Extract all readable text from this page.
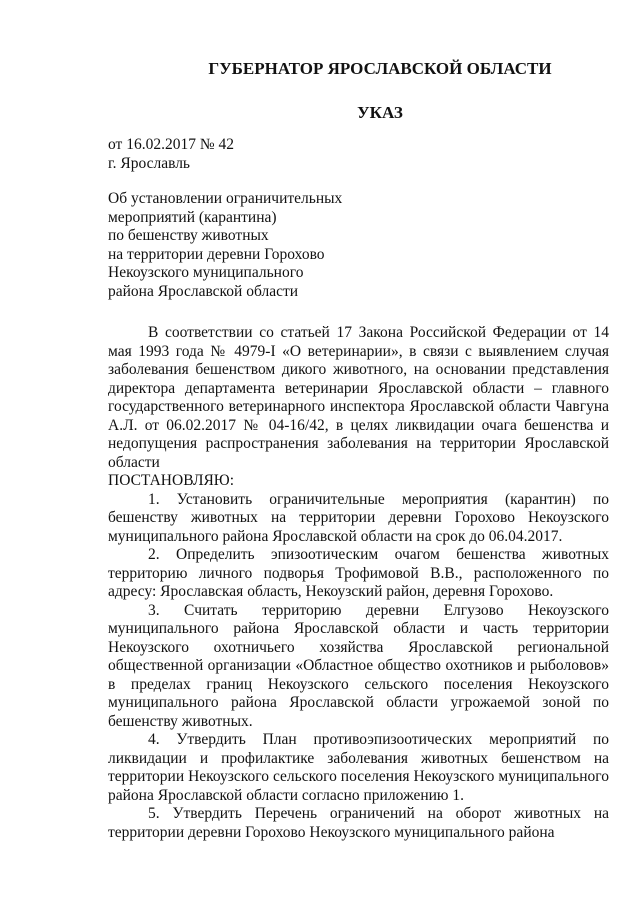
ГУБЕРНАТОР ЯРОСЛАВСКОЙ ОБЛАСТИ
УКАЗ
от 16.02.2017 № 42
г. Ярославль
Об установлении ограничительных
мероприятий (карантина)
по бешенству животных
на территории деревни Горохово
Некоузского муниципального
района Ярославской области

В соответствии со статьей 17 Закона Российской Федерации от 14 мая 1993 года № 4979-I «О ветеринарии», в связи с выявлением случая заболевания бешенством дикого животного, на основании представления директора департамента ветеринарии Ярославской области – главного государственного ветеринарного инспектора Ярославской области Чавгуна А.Л. от 06.02.2017 № 04-16/42, в целях ликвидации очага бешенства и недопущения распространения заболевания на территории Ярославской области

ПОСТАНОВЛЯЮ:

1. Установить ограничительные мероприятия (карантин) по бешенству животных на территории деревни Горохово Некоузского муниципального района Ярославской области на срок до 06.04.2017.

2. Определить эпизоотическим очагом бешенства животных территорию личного подворья Трофимовой В.В., расположенного по адресу: Ярославская область, Некоузский район, деревня Горохово.

3. Считать территорию деревни Елгузово Некоузского муниципального района Ярославской области и часть территории Некоузского охотничьего хозяйства Ярославской региональной общественной организации «Областное общество охотников и рыболовов» в пределах границ Некоузского сельского поселения Некоузского муниципального района Ярославской области угрожаемой зоной по бешенству животных.

4. Утвердить План противоэпизоотических мероприятий по ликвидации и профилактике заболевания животных бешенством на территории Некоузского сельского поселения Некоузского муниципального района Ярославской области согласно приложению 1.

5. Утвердить Перечень ограничений на оборот животных на территории деревни Горохово Некоузского муниципального района
